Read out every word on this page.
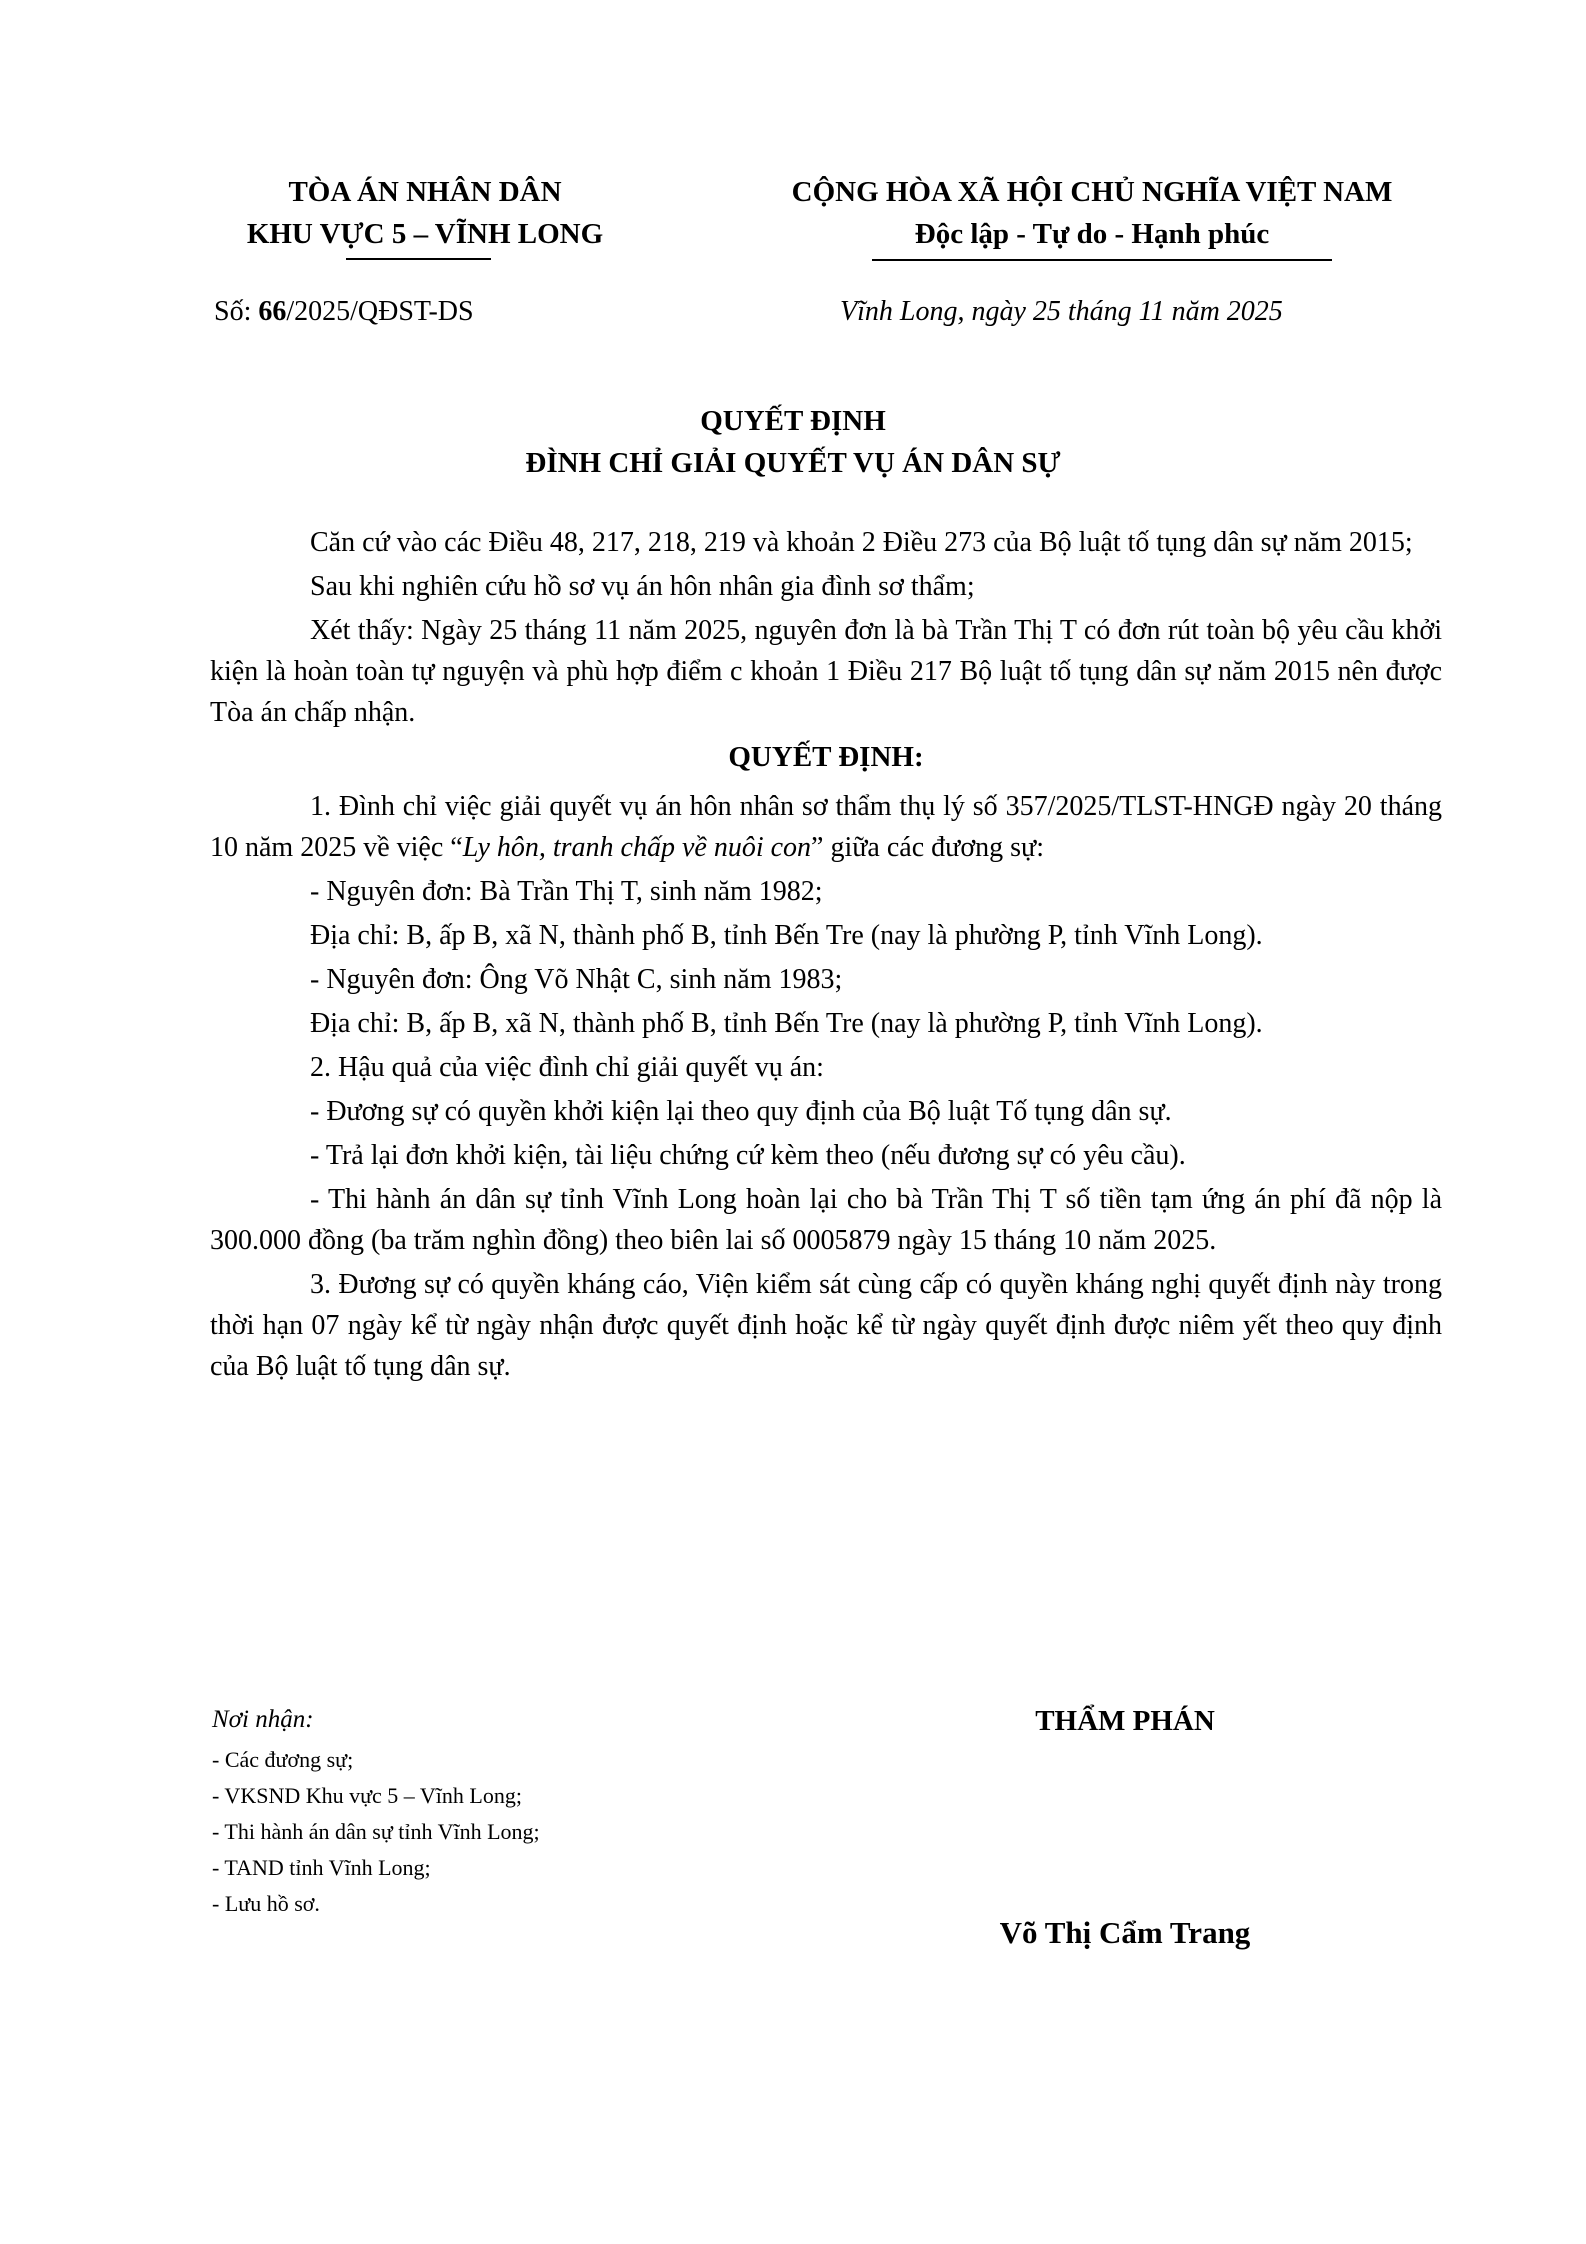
TÒA ÁN NHÂN DÂN
KHU VỰC 5 – VĨNH LONG
CỘNG HÒA XÃ HỘI CHỦ NGHĨA VIỆT NAM
Độc lập - Tự do - Hạnh phúc
Số: 66/2025/QĐST-DS	Vĩnh Long, ngày 25 tháng 11 năm 2025
QUYẾT ĐỊNH
ĐÌNH CHỈ GIẢI QUYẾT VỤ ÁN DÂN SỰ

Căn cứ vào các Điều 48, 217, 218, 219 và khoản 2 Điều 273 của Bộ luật tố tụng dân sự năm 2015;

Sau khi nghiên cứu hồ sơ vụ án hôn nhân gia đình sơ thẩm;

Xét thấy: Ngày 25 tháng 11 năm 2025, nguyên đơn là bà Trần Thị T có đơn rút toàn bộ yêu cầu khởi kiện là hoàn toàn tự nguyện và phù hợp điểm c khoản 1 Điều 217 Bộ luật tố tụng dân sự năm 2015 nên được Tòa án chấp nhận.

QUYẾT ĐỊNH:

1. Đình chỉ việc giải quyết vụ án hôn nhân sơ thẩm thụ lý số 357/2025/TLST-HNGĐ ngày 20 tháng 10 năm 2025 về việc “Ly hôn, tranh chấp về nuôi con” giữa các đương sự:

- Nguyên đơn: Bà Trần Thị T, sinh năm 1982;

Địa chỉ: B, ấp B, xã N, thành phố B, tỉnh Bến Tre (nay là phường P, tỉnh Vĩnh Long).

- Nguyên đơn: Ông Võ Nhật C, sinh năm 1983;

Địa chỉ: B, ấp B, xã N, thành phố B, tỉnh Bến Tre (nay là phường P, tỉnh Vĩnh Long).

2. Hậu quả của việc đình chỉ giải quyết vụ án:

- Đương sự có quyền khởi kiện lại theo quy định của Bộ luật Tố tụng dân sự.

- Trả lại đơn khởi kiện, tài liệu chứng cứ kèm theo (nếu đương sự có yêu cầu).

- Thi hành án dân sự tỉnh Vĩnh Long hoàn lại cho bà Trần Thị T số tiền tạm ứng án phí đã nộp là 300.000 đồng (ba trăm nghìn đồng) theo biên lai số 0005879 ngày 15 tháng 10 năm 2025.

3. Đương sự có quyền kháng cáo, Viện kiểm sát cùng cấp có quyền kháng nghị quyết định này trong thời hạn 07 ngày kể từ ngày nhận được quyết định hoặc kể từ ngày quyết định được niêm yết theo quy định của Bộ luật tố tụng dân sự.

Nơi nhận:
- Các đương sự;
- VKSND Khu vực 5 – Vĩnh Long;
- Thi hành án dân sự tỉnh Vĩnh Long;
- TAND tỉnh Vĩnh Long;
- Lưu hồ sơ.
THẨM PHÁN
Võ Thị Cẩm Trang
